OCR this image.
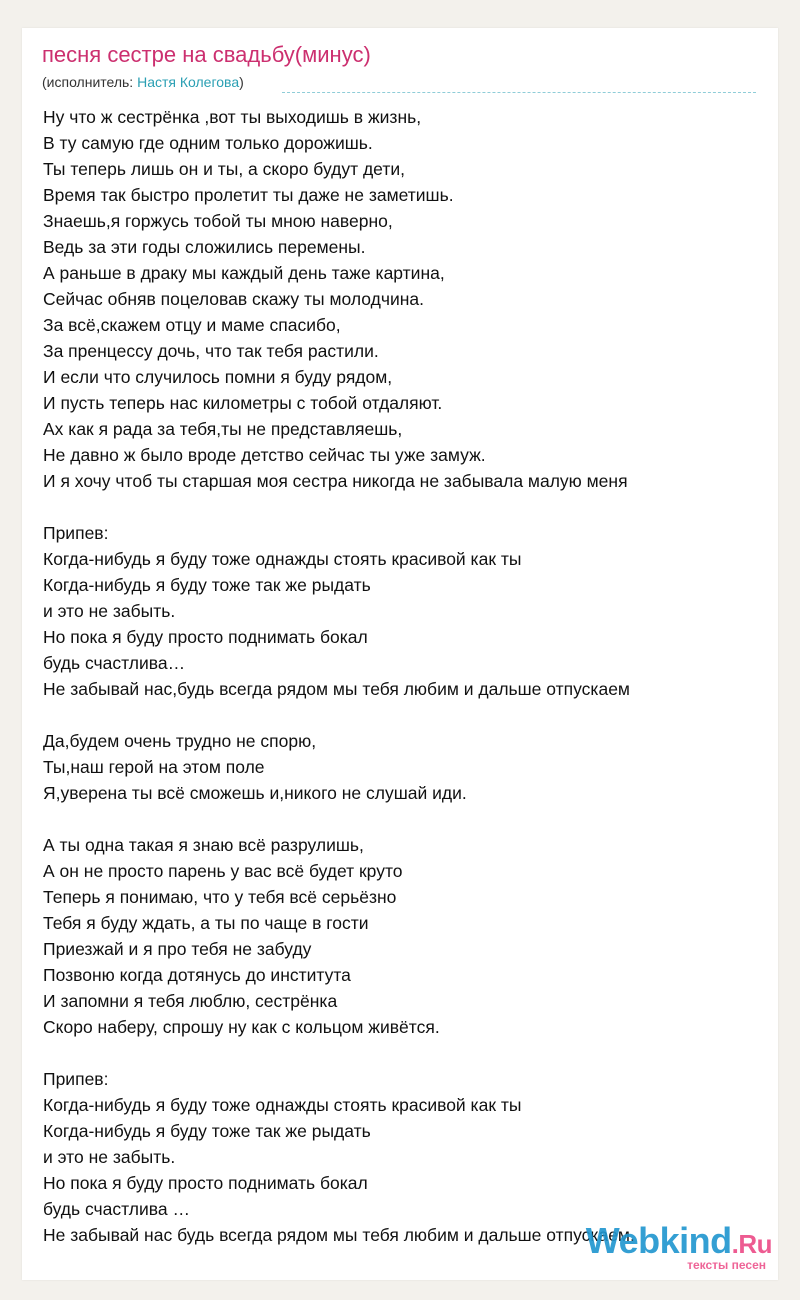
песня сестре на свадьбу(минус)
(исполнитель: Настя Колегова)
Ну что ж сестрёнка ,вот ты выходишь в жизнь,
В ту самую где одним только дорожишь.
Ты теперь лишь он и ты, а скоро будут дети,
Время так быстро пролетит ты даже не заметишь.
Знаешь,я горжусь тобой ты мною наверно,
Ведь за эти годы сложились перемены.
А раньше в драку мы каждый день таже картина,
Сейчас обняв поцеловав скажу ты молодчина.
За всё,скажем отцу и маме спасибо,
За пренцессу дочь, что так тебя растили.
И если что случилось помни я буду рядом,
И пусть теперь нас километры с тобой отдаляют.
Ах как я рада за тебя,ты не представляешь,
Не давно ж было вроде детство сейчас ты уже замуж.
И я хочу чтоб ты старшая моя сестра никогда не забывала малую меня
Припев:
Когда-нибудь я буду тоже однажды стоять красивой как ты
Когда-нибудь я буду тоже так же рыдать
и это не забыть.
Но пока я буду просто поднимать бокал
будь счастлива…
Не забывай нас,будь всегда рядом мы тебя любим и дальше отпускаем
Да,будем очень трудно не спорю,
Ты,наш герой на этом поле
Я,уверена ты всё сможешь и,никого не слушай иди.
А ты одна такая я знаю всё разрулишь,
А он не просто парень у вас всё будет круто
Теперь я понимаю, что у тебя всё серьёзно
Тебя я буду ждать, а ты по чаще в гости
Приезжай и я про тебя не забуду
Позвоню когда дотянусь до института
И запомни я тебя люблю, сестрёнка
Скоро наберу, спрошу ну как с кольцом живётся.
Припев:
Когда-нибудь я буду тоже однажды стоять красивой как ты
Когда-нибудь я буду тоже так же рыдать
и это не забыть.
Но пока я буду просто поднимать бокал
будь счастлива …
Не забывай нас будь всегда рядом мы тебя любим и дальше отпускаем.
Webkind.Ru
тексты песен
